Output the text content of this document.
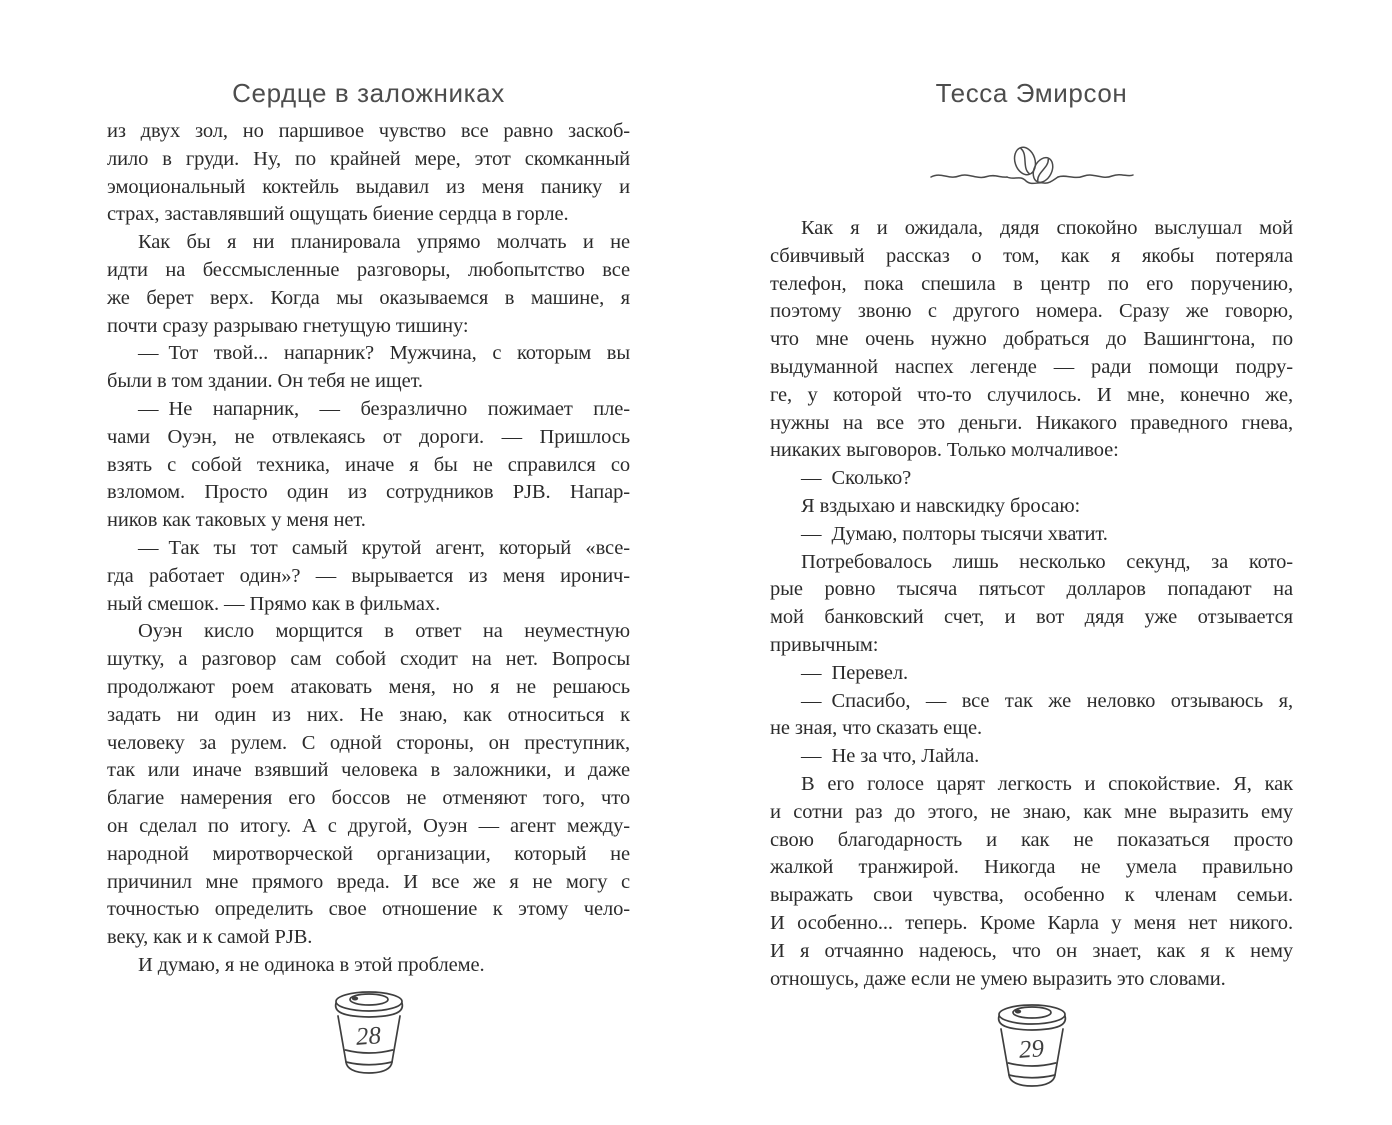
Сердце в заложниках
из двух зол, но паршивое чувство все равно заскоб-
лило в груди. Ну, по крайней мере, этот скомканный
эмоциональный коктейль выдавил из меня панику и
страх, заставлявший ощущать биение сердца в горле.
Как бы я ни планировала упрямо молчать и не
идти на бессмысленные разговоры, любопытство все
же берет верх. Когда мы оказываемся в машине, я
почти сразу разрываю гнетущую тишину:
— Тот твой... напарник? Мужчина, с которым вы
были в том здании. Он тебя не ищет.
— Не напарник, — безразлично пожимает пле-
чами Оуэн, не отвлекаясь от дороги. — Пришлось
взять с собой техника, иначе я бы не справился со
взломом. Просто один из сотрудников PJB. Напар-
ников как таковых у меня нет.
— Так ты тот самый крутой агент, который «все-
гда работает один»? — вырывается из меня иронич-
ный смешок. — Прямо как в фильмах.
Оуэн кисло морщится в ответ на неуместную
шутку, а разговор сам собой сходит на нет. Вопросы
продолжают роем атаковать меня, но я не решаюсь
задать ни один из них. Не знаю, как относиться к
человеку за рулем. С одной стороны, он преступник,
так или иначе взявший человека в заложники, и даже
благие намерения его боссов не отменяют того, что
он сделал по итогу. А с другой, Оуэн — агент между-
народной миротворческой организации, который не
причинил мне прямого вреда. И все же я не могу с
точностью определить свое отношение к этому чело-
веку, как и к самой PJB.
И думаю, я не одинока в этой проблеме.
28
Тесса Эмирсон
Как я и ожидала, дядя спокойно выслушал мой
сбивчивый рассказ о том, как я якобы потеряла
телефон, пока спешила в центр по его поручению,
поэтому звоню с другого номера. Сразу же говорю,
что мне очень нужно добраться до Вашингтона, по
выдуманной наспех легенде — ради помощи подру-
ге, у которой что-то случилось. И мне, конечно же,
нужны на все это деньги. Никакого праведного гнева,
никаких выговоров. Только молчаливое:
— Сколько?
Я вздыхаю и навскидку бросаю:
— Думаю, полторы тысячи хватит.
Потребовалось лишь несколько секунд, за кото-
рые ровно тысяча пятьсот долларов попадают на
мой банковский счет, и вот дядя уже отзывается
привычным:
— Перевел.
— Спасибо, — все так же неловко отзываюсь я,
не зная, что сказать еще.
— Не за что, Лайла.
В его голосе царят легкость и спокойствие. Я, как
и сотни раз до этого, не знаю, как мне выразить ему
свою благодарность и как не показаться просто
жалкой транжирой. Никогда не умела правильно
выражать свои чувства, особенно к членам семьи.
И особенно... теперь. Кроме Карла у меня нет никого.
И я отчаянно надеюсь, что он знает, как я к нему
отношусь, даже если не умею выразить это словами.
29
